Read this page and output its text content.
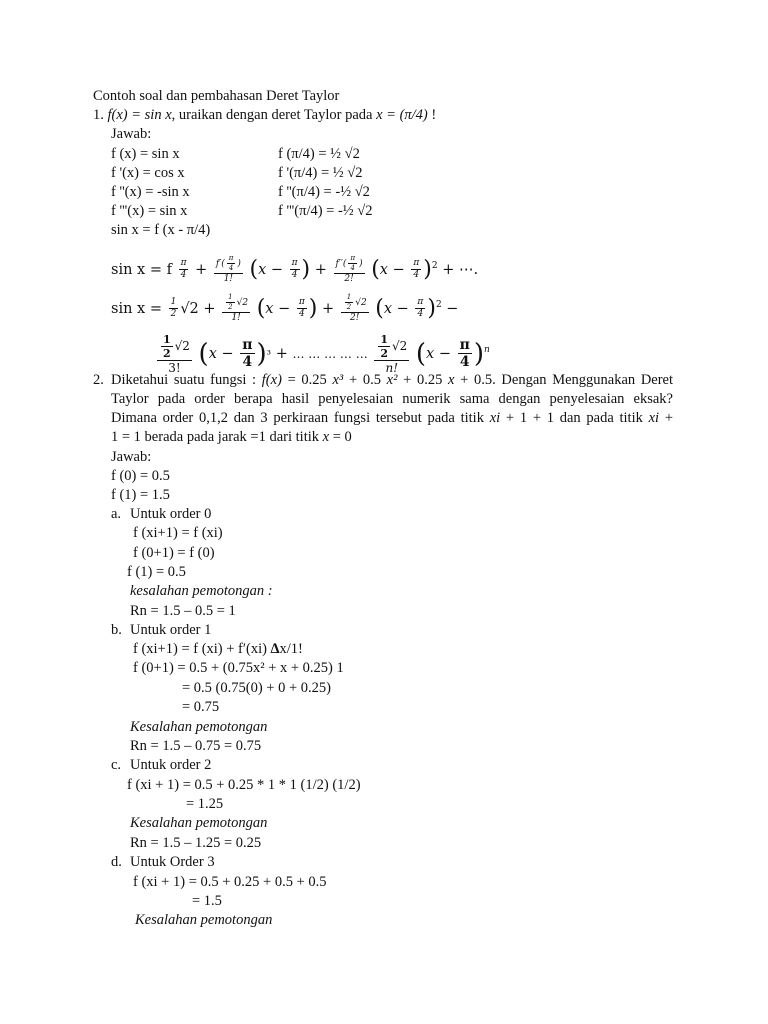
Contoh soal dan pembahasan Deret Taylor
1. f(x) = sin x, uraikan dengan deret Taylor pada x = (π/4) !
Jawab:
f (x) = sin x	f (π/4) = ½ √2
f '(x) = cos x	f '(π/4) = ½ √2
f ''(x) = -sin x	f ''(π/4) = -½ √2
f '''(x) = sin x	f '''(π/4) = -½ √2
sin x = f (x - π/4)
sin x = f $\frac{\pi}{4} + \frac{f'( \frac{\pi}{4} )}{1!} (x - \frac{\pi}{4}$ ) + $\frac{f''( \frac{\pi}{4} )}{2!} (x - \frac{\pi}{4} )^2$ + ⋯.
$\sin x = \frac{1}{2} √2 + \frac{\frac{1}{2} √2}{1!} (x - \frac{\pi}{4}$ ) + $\frac{\frac{1}{2} √2}{2!} (x - \frac{\pi}{4} )^2$ −
$\frac{\frac{1}{2} √2}{3!} (x - \frac{\pi}{4} )^3$ + … … … … … $\frac{\frac{1}{2} √2}{n!} (x - \frac{\pi}{4} )^n$
2. Diketahui suatu fungsi : f(x) = 0.25 x³ + 0.5 x² + 0.25 x + 0.5. Dengan Menggunakan Deret
Taylor pada order berapa hasil penyelesaian numerik sama dengan penyelesaian eksak?
Dimana order 0,1,2 dan 3 perkiraan fungsi tersebut pada titik xi + 1 + 1 dan pada titik xi +
1 = 1 berada pada jarak =1 dari titik x = 0
Jawab:
f (0) = 0.5
f (1) = 1.5
a. Untuk order 0
f (xi+1) = f (xi)
f (0+1) = f (0)
f (1) = 0.5
kesalahan pemotongan :
Rn = 1.5 – 0.5 = 1
b. Untuk order 1
f (xi+1) = f (xi) + f′(xi) ∆x/1!
f (0+1) = 0.5 + (0.75x² + x + 0.25) 1
= 0.5 (0.75(0) + 0 + 0.25)
= 0.75
Kesalahan pemotongan
Rn = 1.5 – 0.75 = 0.75
c. Untuk order 2
f (xi + 1) = 0.5 + 0.25 * 1 * 1 (1/2) (1/2)
= 1.25
Kesalahan pemotongan
Rn = 1.5 – 1.25 = 0.25
d. Untuk Order 3
f (xi + 1) = 0.5 + 0.25 + 0.5 + 0.5
= 1.5
Kesalahan pemotongan
